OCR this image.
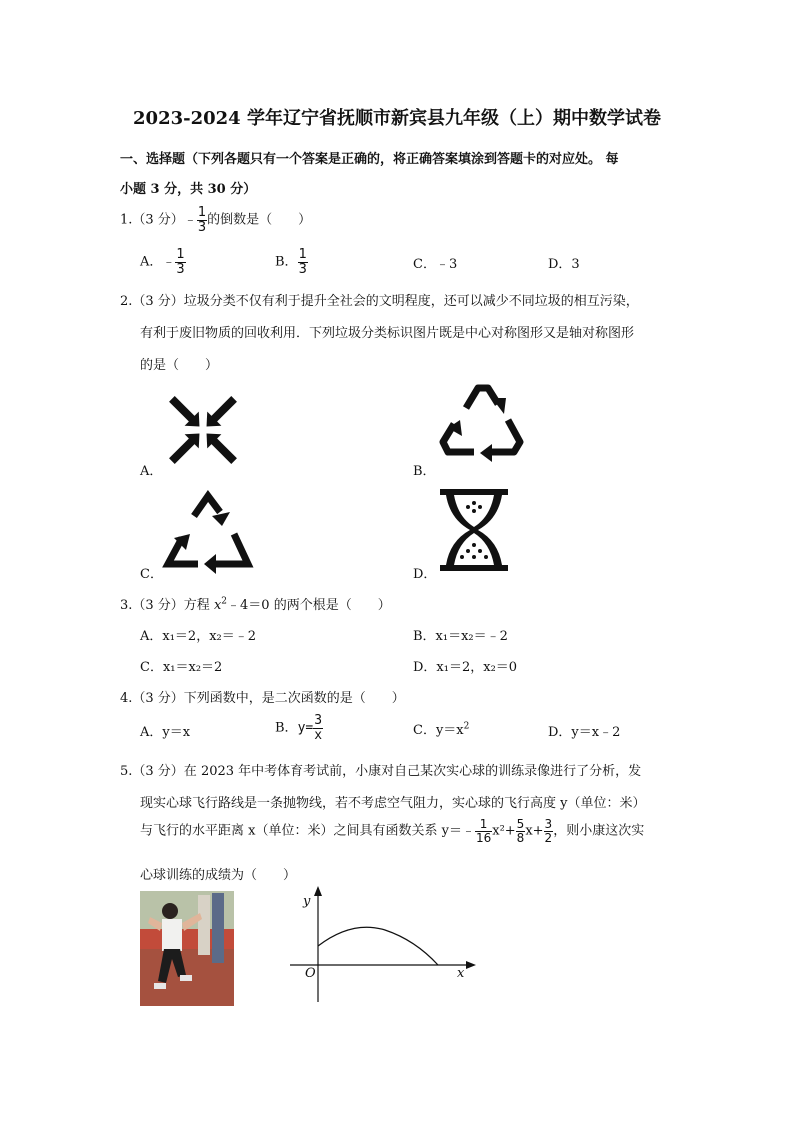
2023-2024 学年辽宁省抚顺市新宾县九年级（上）期中数学试卷
一、选择题（下列各题只有一个答案是正确的，将正确答案填涂到答题卡的对应处。 每
小题 3 分，共 30 分）
1.（3 分）﹣ $\frac{1}{3}$ 的倒数是（　　）
A．﹣ $\frac{1}{3}$	B． $\frac{1}{3}$	C．﹣3	D．3
2.（3 分）垃圾分类不仅有利于提升全社会的文明程度，还可以减少不同垃圾的相互污染，
有利于废旧物质的回收利用．下列垃圾分类标识图片既是中心对称图形又是轴对称图形
的是（　　）
A．	B．
C．	D．
3.（3 分）方程 $x^2﹣4=0$ 的两个根是（　　）
A．x₁＝2，x₂＝﹣2	B．x₁＝x₂＝﹣2
C．x₁＝x₂＝2	D．x₁＝2，x₂＝0
4.（3 分）下列函数中，是二次函数的是（　　）
A．y＝x	B．$y= \frac{3}{x}$	C．$y=x^2$	D．y＝x﹣2
5.（3 分）在 2023 年中考体育考试前，小康对自己某次实心球的训练录像进行了分析，发
现实心球飞行路线是一条抛物线，若不考虑空气阻力，实心球的飞行高度 y（单位：米）
与飞行的水平距离 x（单位：米）之间具有函数关系 y＝﹣ $\frac{1}{16} x^2+ \frac{5}{8} x+ \frac{3}{2}$ ，则小康这次实
心球训练的成绩为（　　）
y
x
O
